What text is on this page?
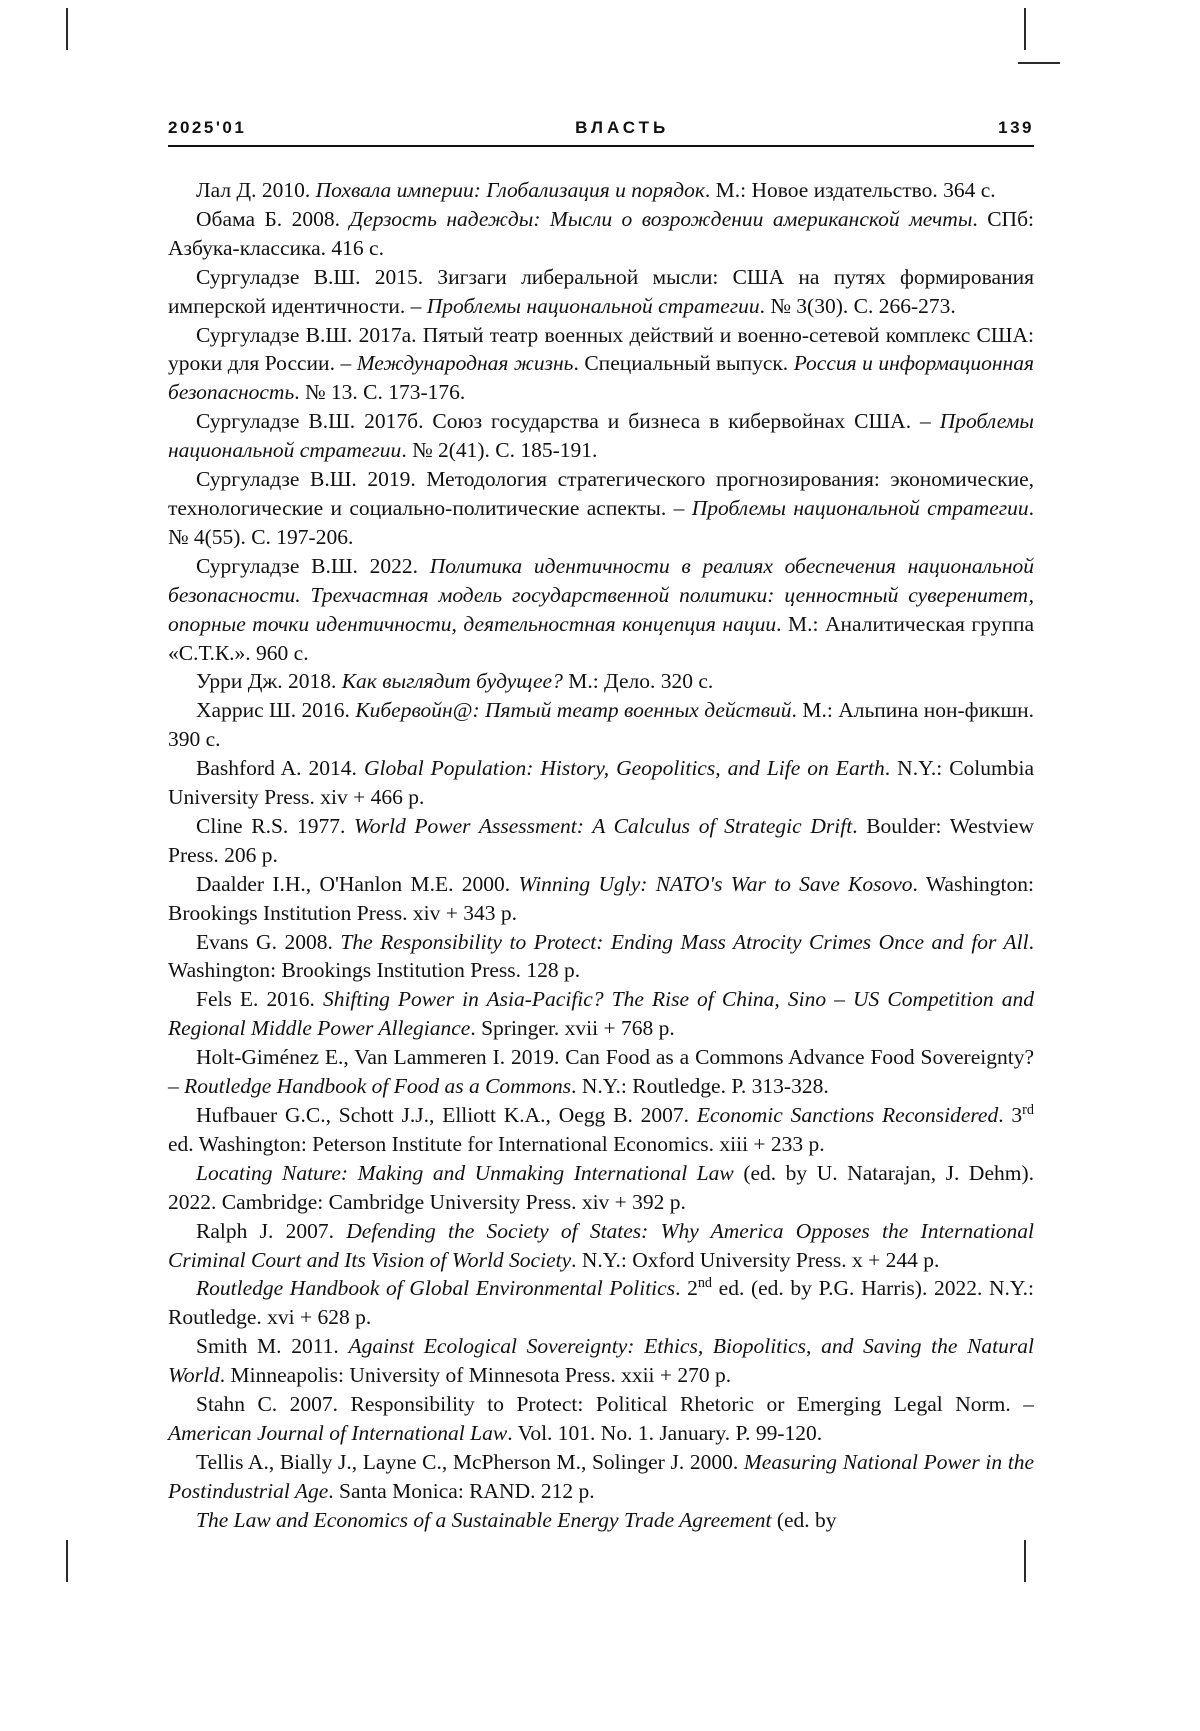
2025'01	ВЛАСТЬ	139

Лал Д. 2010. Похвала империи: Глобализация и порядок. М.: Новое издательство. 364 с.

Обама Б. 2008. Дерзость надежды: Мысли о возрождении американской мечты. СПб: Азбука-классика. 416 с.

Сургуладзе В.Ш. 2015. Зигзаги либеральной мысли: США на путях формирования имперской идентичности. – Проблемы национальной стратегии. № 3(30). С. 266-273.

Сургуладзе В.Ш. 2017а. Пятый театр военных действий и военно-сетевой комплекс США: уроки для России. – Международная жизнь. Специальный выпуск. Россия и информационная безопасность. № 13. С. 173-176.

Сургуладзе В.Ш. 2017б. Союз государства и бизнеса в кибервойнах США. – Проблемы национальной стратегии. № 2(41). С. 185-191.

Сургуладзе В.Ш. 2019. Методология стратегического прогнозирования: экономические, технологические и социально-политические аспекты. – Проблемы национальной стратегии. № 4(55). С. 197-206.

Сургуладзе В.Ш. 2022. Политика идентичности в реалиях обеспечения национальной безопасности. Трехчастная модель государственной политики: ценностный суверенитет, опорные точки идентичности, деятельностная концепция нации. М.: Аналитическая группа «С.Т.К.». 960 с.

Урри Дж. 2018. Как выглядит будущее? М.: Дело. 320 с.

Харрис Ш. 2016. Кибервойн@: Пятый театр военных действий. М.: Альпина нон-фикшн. 390 с.

Bashford A. 2014. Global Population: History, Geopolitics, and Life on Earth. N.Y.: Columbia University Press. xiv + 466 p.

Cline R.S. 1977. World Power Assessment: A Calculus of Strategic Drift. Boulder: Westview Press. 206 p.

Daalder I.H., O'Hanlon M.E. 2000. Winning Ugly: NATO's War to Save Kosovo. Washington: Brookings Institution Press. xiv + 343 p.

Evans G. 2008. The Responsibility to Protect: Ending Mass Atrocity Crimes Once and for All. Washington: Brookings Institution Press. 128 p.

Fels E. 2016. Shifting Power in Asia-Pacific? The Rise of China, Sino – US Competition and Regional Middle Power Allegiance. Springer. xvii + 768 p.

Holt-Giménez E., Van Lammeren I. 2019. Can Food as a Commons Advance Food Sovereignty? – Routledge Handbook of Food as a Commons. N.Y.: Routledge. P. 313-328.

Hufbauer G.C., Schott J.J., Elliott K.A., Oegg B. 2007. Economic Sanctions Reconsidered. 3rd ed. Washington: Peterson Institute for International Economics. xiii + 233 p.

Locating Nature: Making and Unmaking International Law (ed. by U. Natarajan, J. Dehm). 2022. Cambridge: Cambridge University Press. xiv + 392 p.

Ralph J. 2007. Defending the Society of States: Why America Opposes the International Criminal Court and Its Vision of World Society. N.Y.: Oxford University Press. x + 244 p.

Routledge Handbook of Global Environmental Politics. 2nd ed. (ed. by P.G. Harris). 2022. N.Y.: Routledge. xvi + 628 p.

Smith M. 2011. Against Ecological Sovereignty: Ethics, Biopolitics, and Saving the Natural World. Minneapolis: University of Minnesota Press. xxii + 270 p.

Stahn C. 2007. Responsibility to Protect: Political Rhetoric or Emerging Legal Norm. – American Journal of International Law. Vol. 101. No. 1. January. P. 99-120.

Tellis A., Bially J., Layne C., McPherson M., Solinger J. 2000. Measuring National Power in the Postindustrial Age. Santa Monica: RAND. 212 p.

The Law and Economics of a Sustainable Energy Trade Agreement (ed. by
